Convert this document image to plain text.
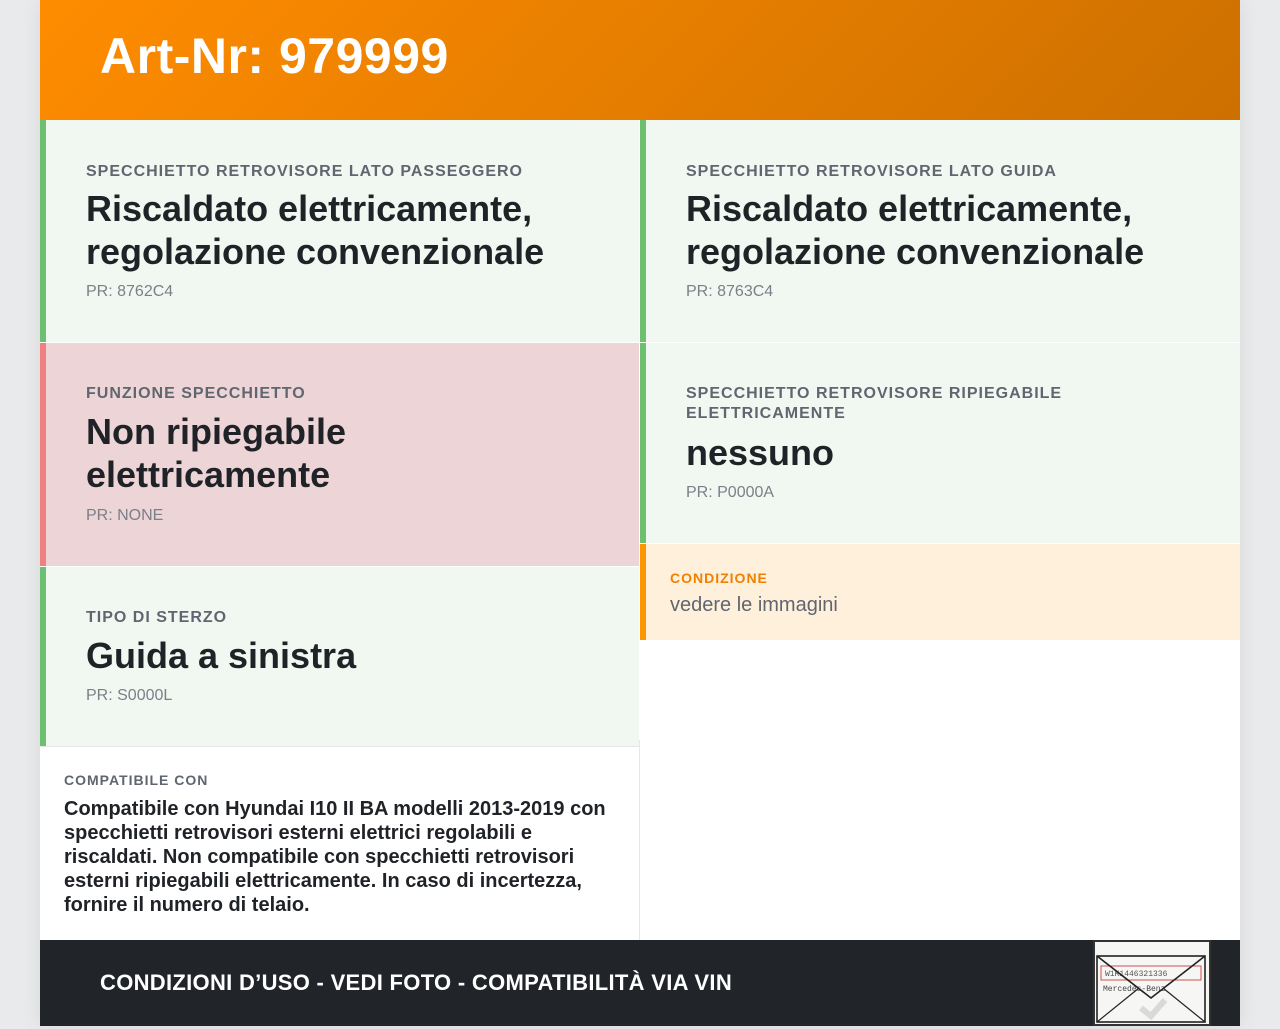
Art-Nr: 979999
SPECCHIETTO RETROVISORE LATO PASSEGGERO
Riscaldato elettricamente, regolazione convenzionale
PR: 8762C4
SPECCHIETTO RETROVISORE LATO GUIDA
Riscaldato elettricamente, regolazione convenzionale
PR: 8763C4
FUNZIONE SPECCHIETTO
Non ripiegabile elettricamente
PR: NONE
SPECCHIETTO RETROVISORE RIPIEGABILE ELETTRICAMENTE
nessuno
PR: P0000A
CONDIZIONE
vedere le immagini
TIPO DI STERZO
Guida a sinistra
PR: S0000L
COMPATIBILE CON
Compatibile con Hyundai I10 II BA modelli 2013-2019 con specchietti retrovisori esterni elettrici regolabili e riscaldati. Non compatibile con specchietti retrovisori esterni ripiegabili elettricamente. In caso di incertezza, fornire il numero di telaio.
CONDIZIONI D’USO - VEDI FOTO - COMPATIBILITÀ VIA VIN	W1K1446321336
Mercedes-Benz
